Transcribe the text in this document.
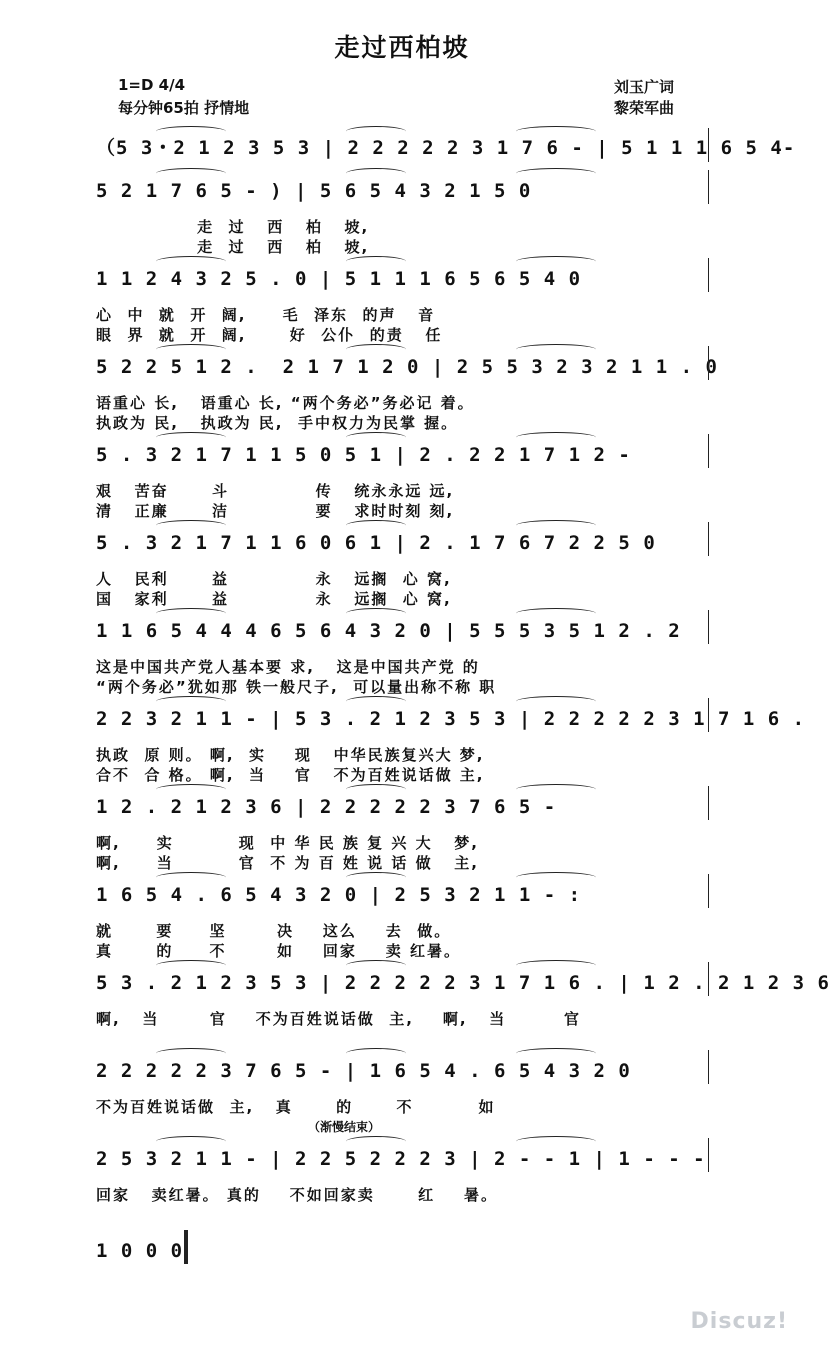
走过西柏坡
1=D 4/4
每分钟65拍 抒情地
刘玉广词
黎荣军曲
（5 3・2 1 2 3 5 3 | 2 2 2 2 2 3 1 7 6 - | 5 1 1 1 6 5 4-
5 2 1 7 6 5 - ) | 5 6 5 4 3 2 1 5 0
走  过   西   柏   坡,
走  过   西   柏   坡,
1 1 2 4 3 2 5 . 0 | 5 1 1 1 6 5 6 5 4 0
心  中  就  开  阔,     毛  泽东  的声   音
眼  界  就  开  阔,      好  公仆  的责   任
5 2 2 5 1 2 .  2 1 7 1 2 0 | 2 5 5 3 2 3 2 1 1 . 0
语重心 长,   语重心 长, “两个务必”务必记 着。
执政为 民,   执政为 民,  手中权力为民掌 握。
5 . 3 2 1 7 1 1 5 0 5 1 | 2 . 2 2 1 7 1 2 -
艰   苦奋      斗            传   统永永远 远,
清   正廉      洁            要   求时时刻 刻,
5 . 3 2 1 7 1 1 6 0 6 1 | 2 . 1 7 6 7 2 2 5 0
人   民利      益            永   远搁  心 窝,
国   家利      益            永   远搁  心 窝,
1 1 6 5 4 4 4 6 5 6 4 3 2 0 | 5 5 5 3 5 1 2 . 2
这是中国共产党人基本要 求,   这是中国共产党 的
“两个务必”犹如那 铁一般尺子,  可以量出称不称 职
2 2 3 2 1 1 - | 5 3 . 2 1 2 3 5 3 | 2 2 2 2 2 3 1 7 1 6 .
执政  原 则。 啊,  实    现   中华民族复兴大 梦,
合不  合 格。 啊,  当    官   不为百姓说话做 主,
1 2 . 2 1 2 3 6 | 2 2 2 2 2 3 7 6 5 -
啊,     实         现  中 华 民 族 复 兴 大   梦,
啊,     当         官  不 为 百 姓 说 话 做   主,
1 6 5 4 . 6 5 4 3 2 0 | 2 5 3 2 1 1 - :
就      要     坚       决    这么    去  做。
真      的     不       如    回家    卖 红暑。
5 3 . 2 1 2 3 5 3 | 2 2 2 2 2 3 1 7 1 6 . | 1 2 . 2 1 2 3 6
啊,   当       官    不为百姓说话做  主,    啊,   当        官
2 2 2 2 2 3 7 6 5 - | 1 6 5 4 . 6 5 4 3 2 0
不为百姓说话做  主,   真      的      不         如
2 5 3 2 1 1 - | 2 2 5 2 2 2 3 | 2 - - 1 | 1 - - -
回家   卖红暑。 真的    不如回家卖      红    暑。
1 0 0 0
（渐慢结束）
Discuz!
